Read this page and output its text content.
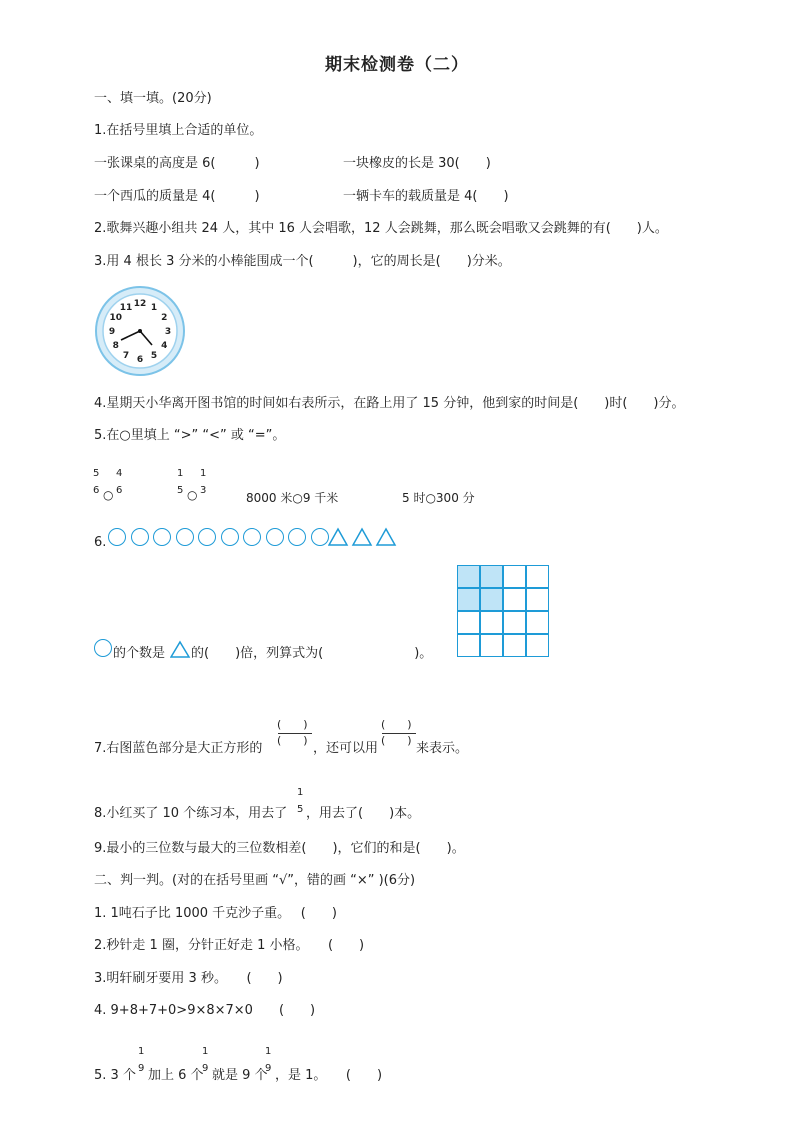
期末检测卷（二）
一、填一填。(20分)
1.在括号里填上合适的单位。
一张课桌的高度是 6(　　　)	一块橡皮的长是 30(　　)
一个西瓜的质量是 4(　　　)	一辆卡车的载质量是 4(　　)
2.歌舞兴趣小组共 24 人，其中 16 人会唱歌，12 人会跳舞，那么既会唱歌又会跳舞的有(　　)人。
3.用 4 根长 3 分米的小棒能围成一个(　　　)，它的周长是(　　)分米。
12 1
2
3
4
5
6
7
8
9
10
11
4.星期天小华离开图书馆的时间如右表所示，在路上用了 15 分钟，他到家的时间是(　　)时(　　)分。
5.在○里填上 “>” “<” 或 “=”。
5
6 ○
4
6
1
5 ○
1
3
8000 米○9 千米	5 时○300 分
6.
的个数是 的(　　)倍，列算式为(　　　　　　　)。
7.右图蓝色部分是大正方形的
(　　)
(　　)
，还可以用
(　　)
(　　)
来表示。
8.小红买了 10 个练习本，用去了
1
5 ，用去了(　　)本。
9.最小的三位数与最大的三位数相差(　　)，它们的和是(　　)。
二、判一判。(对的在括号里画 “√”，错的画 “×” )(6分)
1. 1吨石子比 1000 千克沙子重。　 (　　)
2.秒针走 1 圈，分针正好走 1 小格。　　(　　)
3.明轩刷牙要用 3 秒。　　(　　)
4. 9+8+7+0>9×8×7×0　　(　　)
5. 3 个
1
9 加上 6 个
1
9 就是 9 个
1
9 ，是 1。　　(　　)
